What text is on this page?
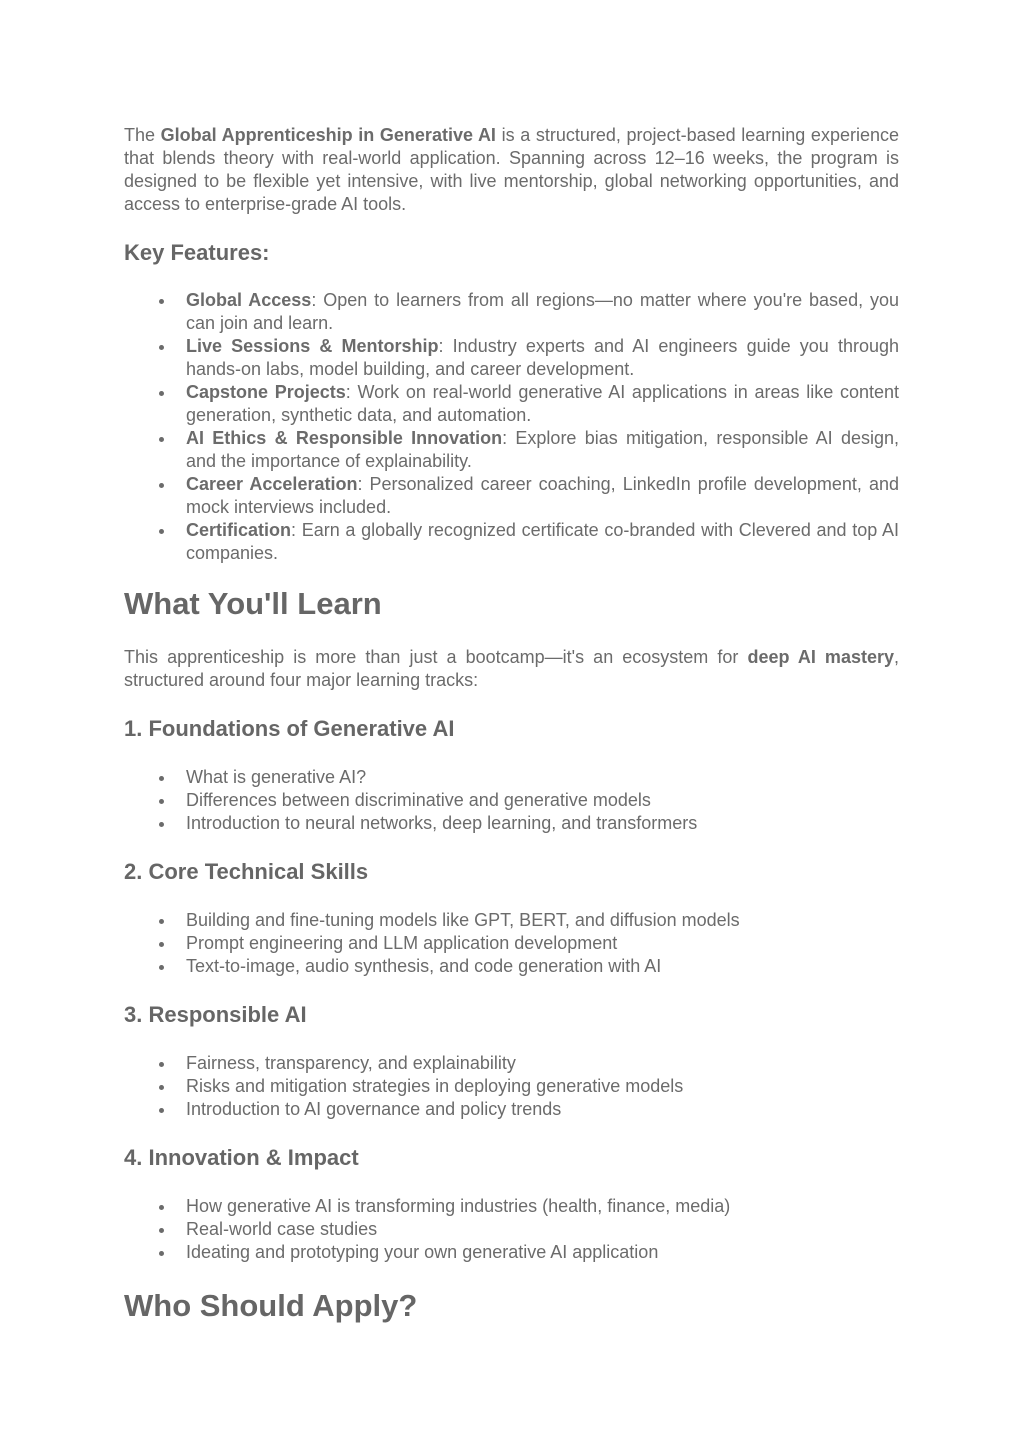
The Global Apprenticeship in Generative AI is a structured, project-based learning experience that blends theory with real-world application. Spanning across 12–16 weeks, the program is designed to be flexible yet intensive, with live mentorship, global networking opportunities, and access to enterprise-grade AI tools.

Key Features:
Global Access: Open to learners from all regions—no matter where you're based, you can join and learn.
Live Sessions & Mentorship: Industry experts and AI engineers guide you through hands-on labs, model building, and career development.
Capstone Projects: Work on real-world generative AI applications in areas like content generation, synthetic data, and automation.
AI Ethics & Responsible Innovation: Explore bias mitigation, responsible AI design, and the importance of explainability.
Career Acceleration: Personalized career coaching, LinkedIn profile development, and mock interviews included.
Certification: Earn a globally recognized certificate co-branded with Clevered and top AI companies.
What You'll Learn

This apprenticeship is more than just a bootcamp—it's an ecosystem for deep AI mastery, structured around four major learning tracks:

1. Foundations of Generative AI
What is generative AI?
Differences between discriminative and generative models
Introduction to neural networks, deep learning, and transformers
2. Core Technical Skills
Building and fine-tuning models like GPT, BERT, and diffusion models
Prompt engineering and LLM application development
Text-to-image, audio synthesis, and code generation with AI
3. Responsible AI
Fairness, transparency, and explainability
Risks and mitigation strategies in deploying generative models
Introduction to AI governance and policy trends
4. Innovation & Impact
How generative AI is transforming industries (health, finance, media)
Real-world case studies
Ideating and prototyping your own generative AI application
Who Should Apply?
